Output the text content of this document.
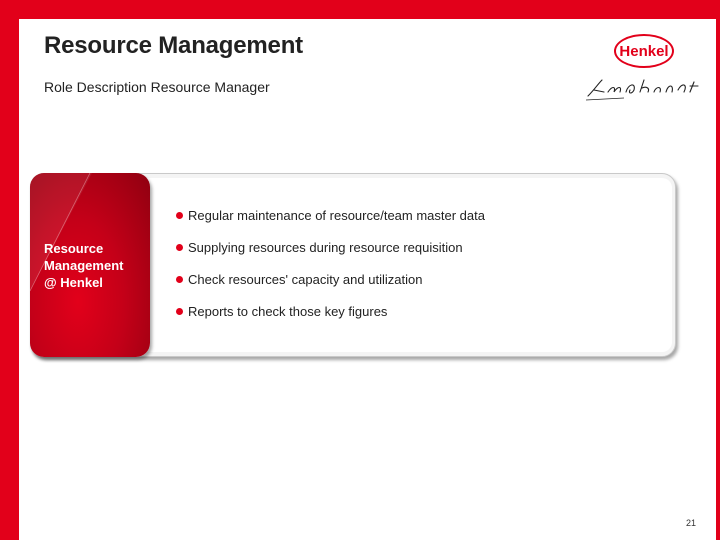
Resource Management
Role Description Resource Manager
Henkel
Resource
Management
@ Henkel
Regular maintenance of resource/team master data
Supplying resources during resource requisition
Check resources' capacity and utilization
Reports to check those key figures
21
